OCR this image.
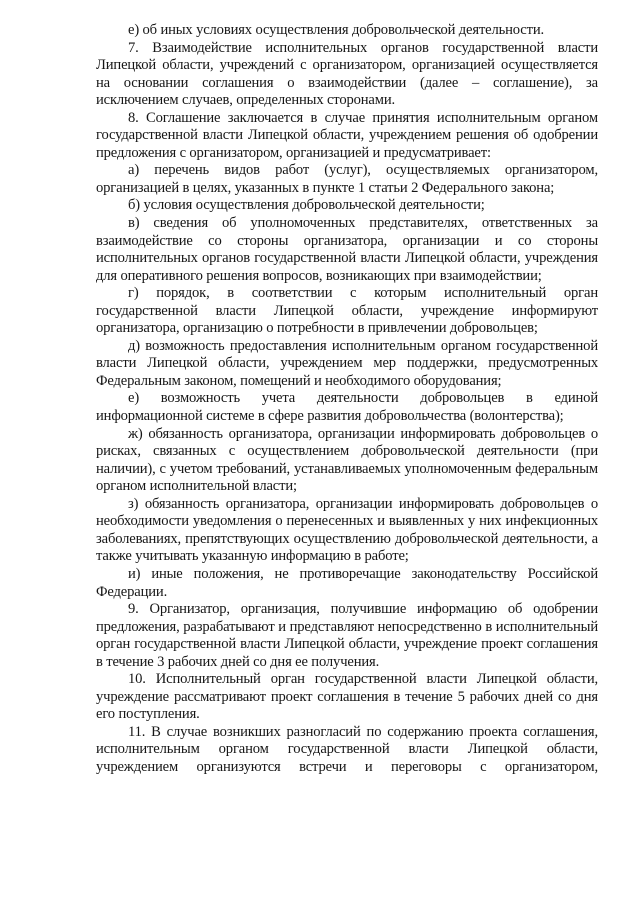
е) об иных условиях осуществления добровольческой деятельности.

7. Взаимодействие исполнительных органов государственной власти Липецкой области, учреждений с организатором, организацией осуществляется на основании соглашения о взаимодействии (далее – соглашение), за исключением случаев, определенных сторонами.

8. Соглашение заключается в случае принятия исполнительным органом государственной власти Липецкой области, учреждением решения об одобрении предложения с организатором, организацией и предусматривает:

а) перечень видов работ (услуг), осуществляемых организатором, организацией в целях, указанных в пункте 1 статьи 2 Федерального закона;

б) условия осуществления добровольческой деятельности;

в) сведения об уполномоченных представителях, ответственных за взаимодействие со стороны организатора, организации и со стороны исполнительных органов государственной власти Липецкой области, учреждения для оперативного решения вопросов, возникающих при взаимодействии;

г) порядок, в соответствии с которым исполнительный орган государственной власти Липецкой области, учреждение информируют организатора, организацию о потребности в привлечении добровольцев;

д) возможность предоставления исполнительным органом государственной власти Липецкой области, учреждением мер поддержки, предусмотренных Федеральным законом, помещений и необходимого оборудования;

е) возможность учета деятельности добровольцев в единой информационной системе в сфере развития добровольчества (волонтерства);

ж) обязанность организатора, организации информировать добровольцев о рисках, связанных с осуществлением добровольческой деятельности (при наличии), с учетом требований, устанавливаемых уполномоченным федеральным органом исполнительной власти;

з) обязанность организатора, организации информировать добровольцев о необходимости уведомления о перенесенных и выявленных у них инфекционных заболеваниях, препятствующих осуществлению добровольческой деятельности, а также учитывать указанную информацию в работе;

и) иные положения, не противоречащие законодательству Российской Федерации.

9. Организатор, организация, получившие информацию об одобрении предложения, разрабатывают и представляют непосредственно в исполнительный орган государственной власти Липецкой области, учреждение проект соглашения в течение 3 рабочих дней со дня ее получения.

10. Исполнительный орган государственной власти Липецкой области, учреждение рассматривают проект соглашения в течение 5 рабочих дней со дня его поступления.

11. В случае возникших разногласий по содержанию проекта соглашения, исполнительным органом государственной власти Липецкой области, учреждением организуются встречи и переговоры с организатором,
